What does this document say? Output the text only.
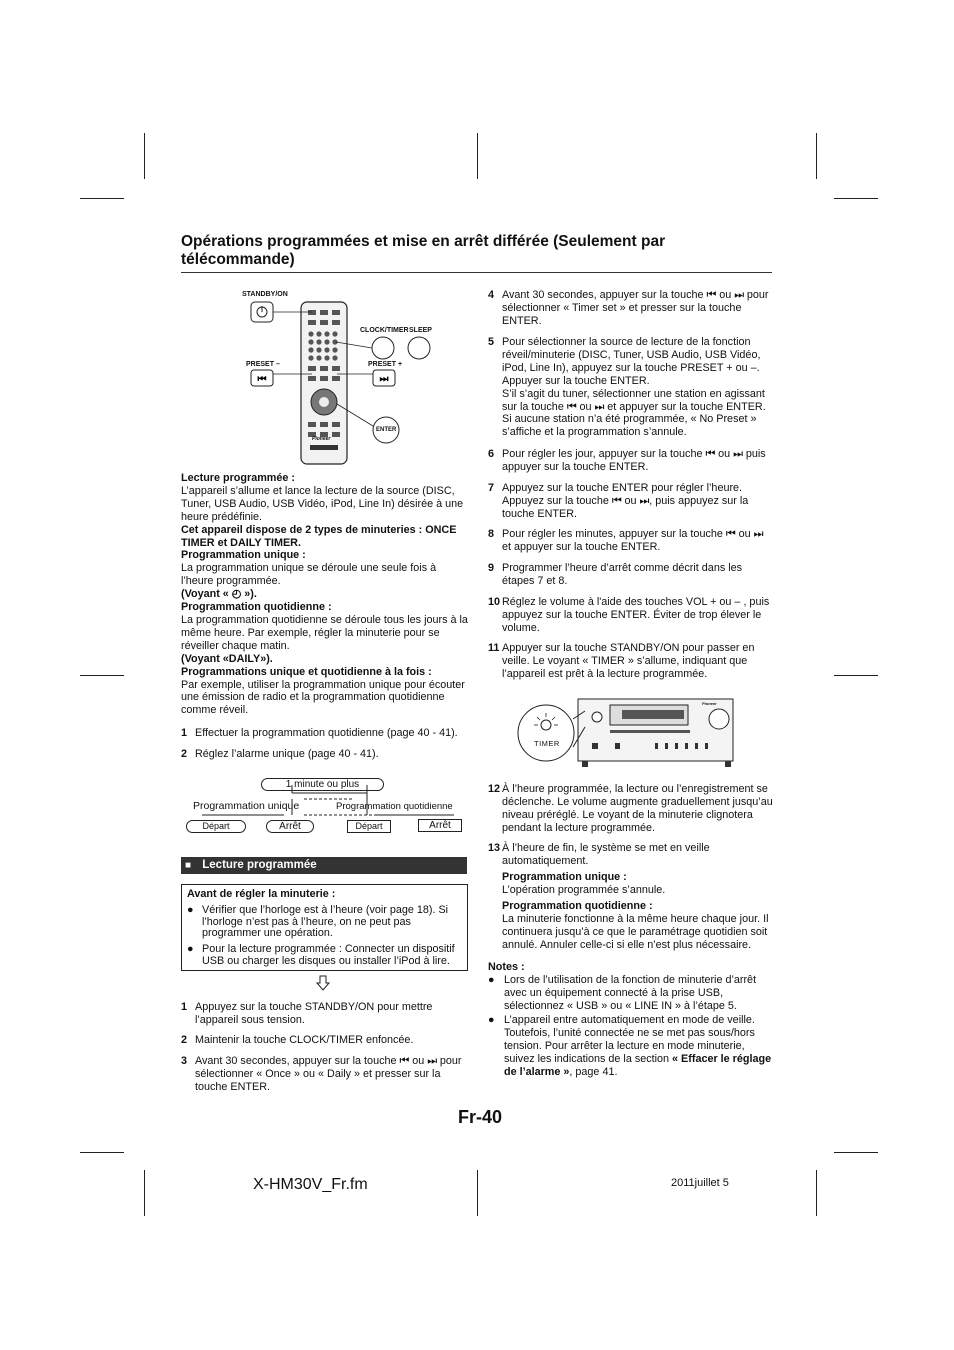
Opérations programmées et mise en arrêt différée (Seulement par télécommande)
⏮	⏭
STANDBY/ON
CLOCK/TIMER SLEEP
PRESET –	PRESET +
ENTER
Pioneer
Lecture programmée :
L’appareil s’allume et lance la lecture de la source (DISC, Tuner, USB Audio, USB Vidéo, iPod, Line In) désirée à une heure prédéfinie.
Cet appareil dispose de 2 types de minuteries : ONCE TIMER et DAILY TIMER.
Programmation unique :
La programmation unique se déroule une seule fois à l’heure programmée.
(Voyant « ◴ »).
Programmation quotidienne :
La programmation quotidienne se déroule tous les jours à la même heure. Par exemple, régler la minuterie pour se réveiller chaque matin.
(Voyant «DAILY»).
Programmations unique et quotidienne à la fois :
Par exemple, utiliser la programmation unique pour écouter une émission de radio et la programmation quotidienne comme réveil.
1 Effectuer la programmation quotidienne (page 40 - 41).
2 Réglez l’alarme unique (page 40 - 41).
1 minute ou plus
Programmation unique	Programmation quotidienne
Départ	Arrêt	Départ	Arrêt
■ Lecture programmée
Avant de régler la minuterie :
● Vérifier que l’horloge est à l’heure (voir page 18). Si l’horloge n’est pas à l’heure, on ne peut pas programmer une opération.
● Pour la lecture programmée : Connecter un dispositif USB ou charger les disques ou installer l’iPod à lire.
1 Appuyez sur la touche STANDBY/ON pour mettre l’appareil sous tension.
2 Maintenir la touche CLOCK/TIMER enfoncée.
3 Avant 30 secondes, appuyer sur la touche ⏮ ou ⏭ pour sélectionner « Once » ou « Daily » et presser sur la touche ENTER.
4 Avant 30 secondes, appuyer sur la touche ⏮ ou ⏭ pour sélectionner « Timer set » et presser sur la touche ENTER.
5 Pour sélectionner la source de lecture de la fonction réveil/minuterie (DISC, Tuner, USB Audio, USB Vidéo, iPod, Line In), appuyez sur la touche PRESET + ou –. Appuyer sur la touche ENTER.
S’il s’agit du tuner, sélectionner une station en agissant sur la touche ⏮ ou ⏭ et appuyer sur la touche ENTER. Si aucune station n’a été programmée, « No Preset » s’affiche et la programmation s’annule.
6 Pour régler les jour, appuyer sur la touche ⏮ ou ⏭ puis appuyer sur la touche ENTER.
7 Appuyez sur la touche ENTER pour régler l’heure. Appuyez sur la touche ⏮ ou ⏭, puis appuyez sur la touche ENTER.
8 Pour régler les minutes, appuyer sur la touche ⏮ ou ⏭ et appuyer sur la touche ENTER.
9 Programmer l’heure d’arrêt comme décrit dans les étapes 7 et 8.
10 Réglez le volume à l'aide des touches VOL + ou – , puis appuyez sur la touche ENTER. Éviter de trop élever le volume.
11 Appuyer sur la touche STANDBY/ON pour passer en veille. Le voyant « TIMER » s’allume, indiquant que l’appareil est prêt à la lecture programmée.
TIMER
Pioneer
12 À l’heure programmée, la lecture ou l’enregistrement se déclenche. Le volume augmente graduellement jusqu’au niveau préréglé. Le voyant de la minuterie clignotera pendant la lecture programmée.
13 À l’heure de fin, le système se met en veille automatiquement.
Programmation unique :
L’opération programmée s’annule.
Programmation quotidienne :
La minuterie fonctionne à la même heure chaque jour. Il continuera jusqu’à ce que le paramétrage quotidien soit annulé. Annuler celle-ci si elle n’est plus nécessaire.
Notes :
● Lors de l’utilisation de la fonction de minuterie d’arrêt avec un équipement connecté à la prise USB, sélectionnez « USB » ou « LINE IN » à l’étape 5.
● L’appareil entre automatiquement en mode de veille. Toutefois, l’unité connectée ne se met pas sous/hors tension. Pour arrêter la lecture en mode minuterie, suivez les indications de la section « Effacer le réglage de l’alarme », page 41.
Fr-40
X-HM30V_Fr.fm	2011juillet 5
